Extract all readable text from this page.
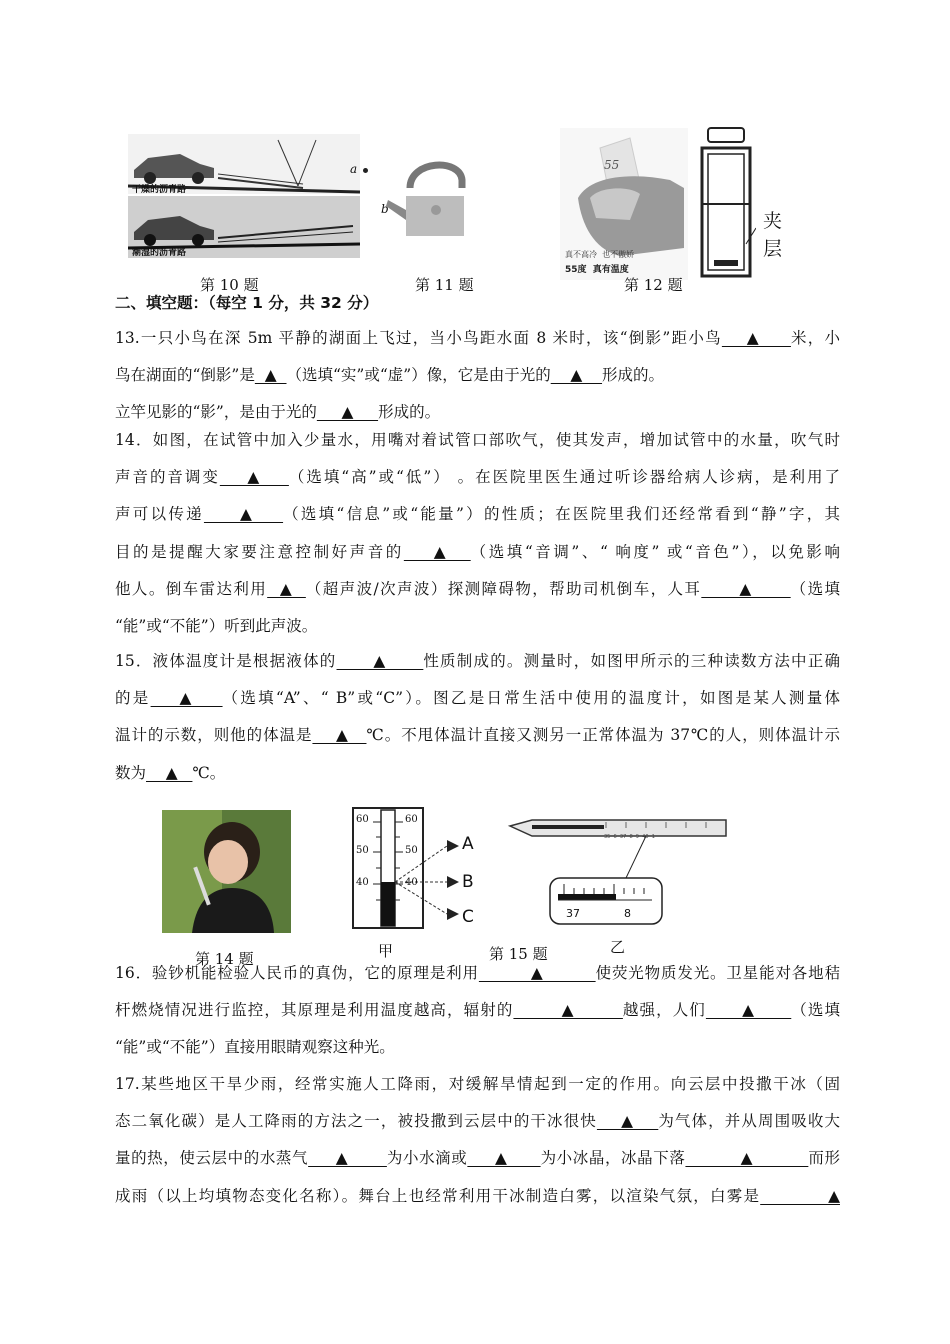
干燥的沥青路
潮湿的沥青路
a
b
55
真不高冷  也不傲娇
55度  真有温度
夹
层
第 10 题	第 11 题	第 12 题
二、填空题：（每空 1 分，共 32 分）
13.一只小鸟在深 5m 平静的湖面上飞过，当小鸟距水面 8 米时，该“倒影”距小鸟    ▲     米，小
鸟在湖面的“倒影”是  ▲  （选填“实”或“虚”）像，它是由于光的    ▲    形成的。
立竿见影的“影”，是由于光的     ▲     形成的。
14．如图，在试管中加入少量水，用嘴对着试管口部吹气，使其发声，增加试管中的水量，吹气时
声音的音调变    ▲    （选填“高”或“低”） 。在医院里医生通过听诊器给病人诊病，是利用了
声可以传递     ▲    （选填“信息”或“能量”）的性质；在医院里我们还经常看到“静”字，其
目的是提醒大家要注意控制好声音的    ▲   （选填“音调”、“ 响度” 或“音色”），以免影响
他人。倒车雷达利用  ▲  （超声波/次声波）探测障碍物，帮助司机倒车，人耳      ▲      （选填
“能”或“不能”）听到此声波。
15．液体温度计是根据液体的      ▲      性质制成的。测量时，如图甲所示的三种读数方法中正确
的是    ▲    （选填“A”、“ B”或“C”）。图乙是日常生活中使用的温度计，如图是某人测量体
温计的示数，则他的体温是    ▲   ℃。不甩体温计直接又测另一正常体温为 37℃的人，则体温计示
数为    ▲   ℃。
60	60
50	50
40	40
A
B
C
35  6  37  8  9  40  1
37	8
第 14 题	甲	第 15 题	乙
16．验钞机能检验人民币的真伪，它的原理是利用         ▲         使荧光物质发光。卫星能对各地秸
杆燃烧情况进行监控，其原理是利用温度越高，辐射的        ▲        越强，人们      ▲      （选填
“能”或“不能”）直接用眼睛观察这种光。
17.某些地区干旱少雨，经常实施人工降雨，对缓解旱情起到一定的作用。向云层中投撒干冰（固
态二氧化碳）是人工降雨的方法之一，被投撒到云层中的干冰很快    ▲    为气体，并从周围吸收大
量的热，使云层中的水蒸气     ▲       为小水滴或     ▲      为小冰晶，冰晶下落          ▲          而形
成雨（以上均填物态变化名称）。舞台上也经常利用干冰制造白雾，以渲染气氛，白雾是           ▲
